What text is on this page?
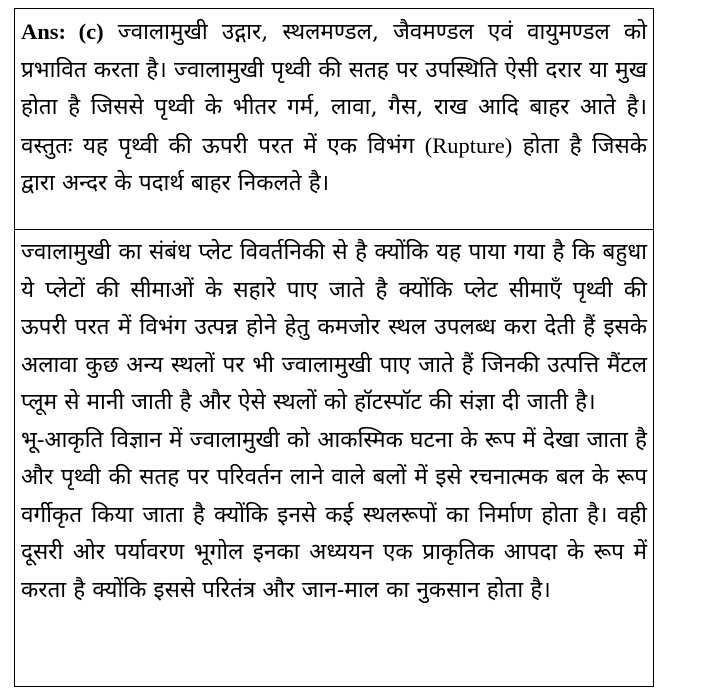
Ans: (c) ज्वालामुखी उद्गार, स्थलमण्डल, जैवमण्डल एवं वायुमण्डल को प्रभावित करता है। ज्वालामुखी पृथ्वी की सतह पर उपस्थिति ऐसी दरार या मुख होता है जिससे पृथ्वी के भीतर गर्म, लावा, गैस, राख आदि बाहर आते है। वस्तुतः यह पृथ्वी की ऊपरी परत में एक विभंग (Rupture) होता है जिसके द्वारा अन्दर के पदार्थ बाहर निकलते है।

ज्वालामुखी का संबंध प्लेट विवर्तनिकी से है क्योंकि यह पाया गया है कि बहुधा ये प्लेटों की सीमाओं के सहारे पाए जाते है क्योंकि प्लेट सीमाएँ पृथ्वी की ऊपरी परत में विभंग उत्पन्न होने हेतु कमजोर स्थल उपलब्ध करा देती हैं इसके अलावा कुछ अन्य स्थलों पर भी ज्वालामुखी पाए जाते हैं जिनकी उत्पत्ति मैंटल प्लूम से मानी जाती है और ऐसे स्थलों को हॉटस्पॉट की संज्ञा दी जाती है।

भू-आकृति विज्ञान में ज्वालामुखी को आकस्मिक घटना के रूप में देखा जाता है और पृथ्वी की सतह पर परिवर्तन लाने वाले बलों में इसे रचनात्मक बल के रूप वर्गीकृत किया जाता है क्योंकि इनसे कई स्थलरूपों का निर्माण होता है। वही दूसरी ओर पर्यावरण भूगोल इनका अध्ययन एक प्राकृतिक आपदा के रूप में करता है क्योंकि इससे परितंत्र और जान-माल का नुकसान होता है।
